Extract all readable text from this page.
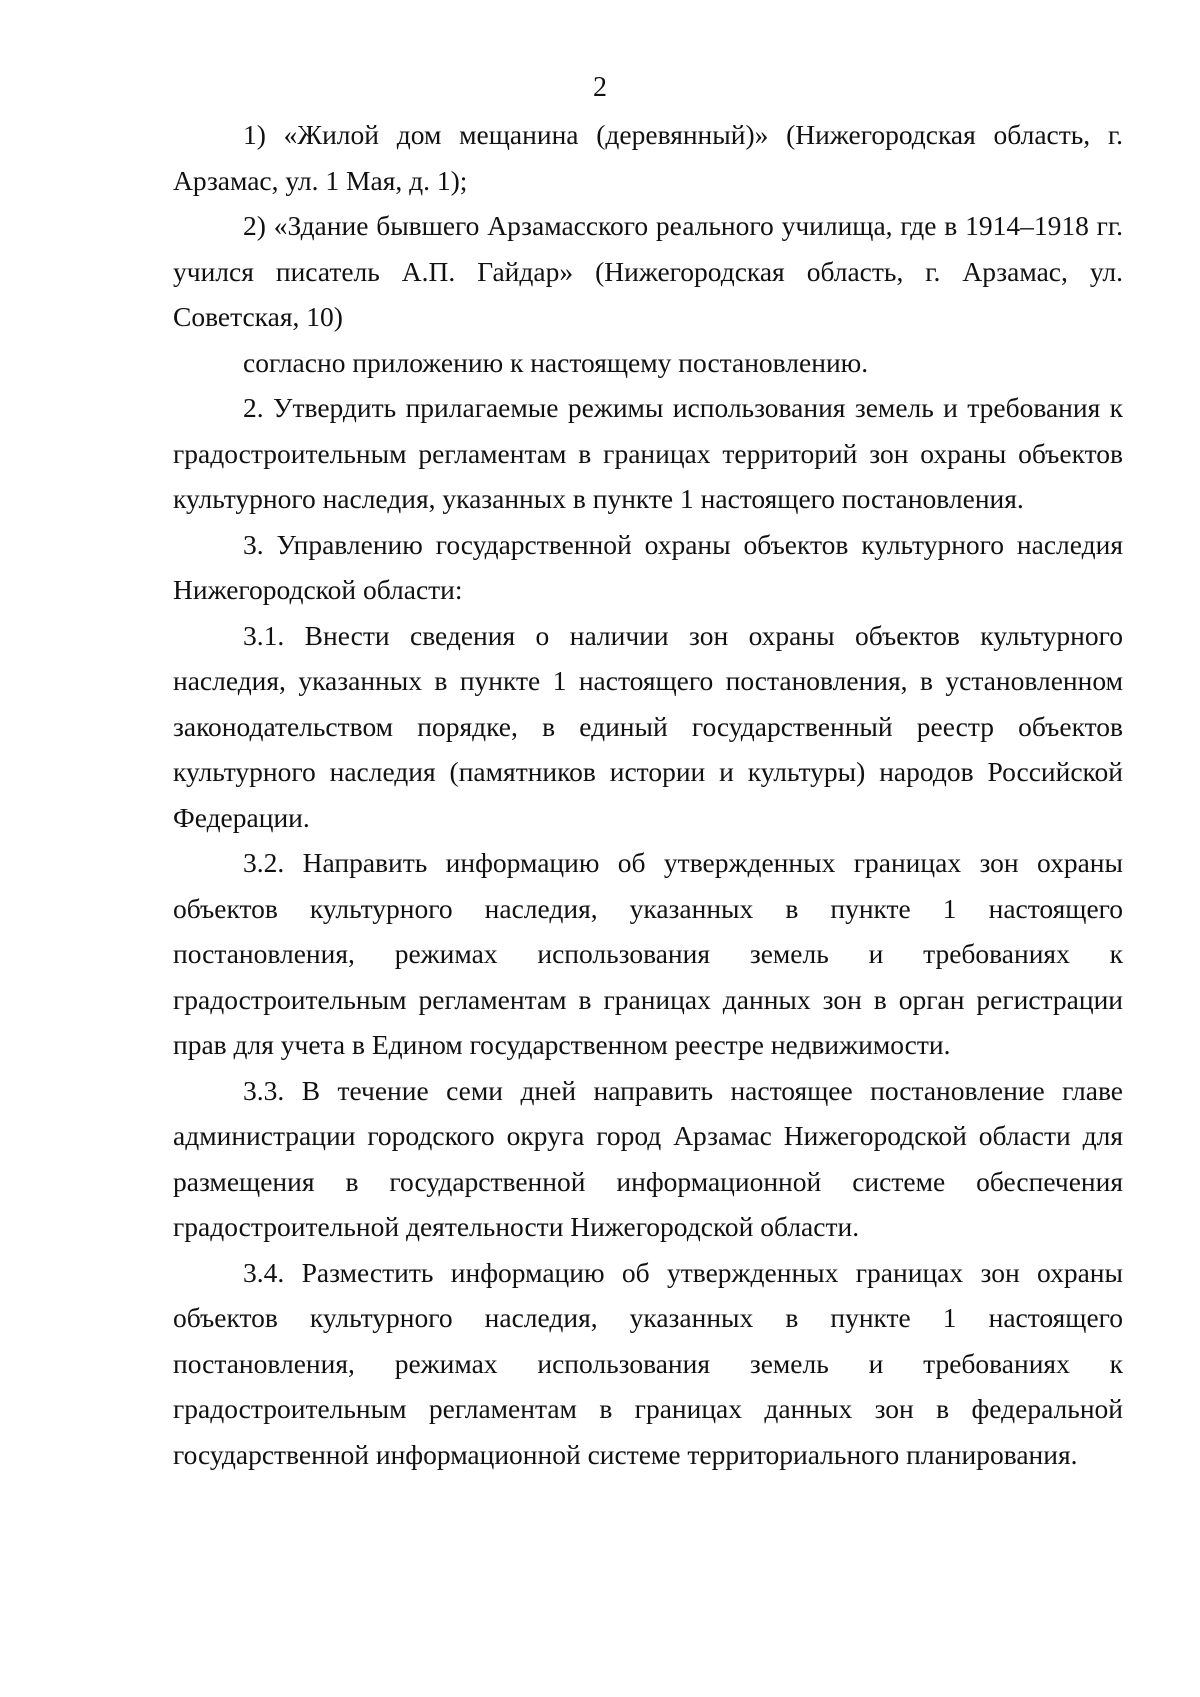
2

1) «Жилой дом мещанина (деревянный)» (Нижегородская область, г. Арзамас, ул. 1 Мая, д. 1);

2) «Здание бывшего Арзамасского реального училища, где в 1914–1918 гг. учился писатель А.П. Гайдар» (Нижегородская область, г. Арзамас, ул. Советская, 10)

согласно приложению к настоящему постановлению.

2. Утвердить прилагаемые режимы использования земель и требования к градостроительным регламентам в границах территорий зон охраны объектов культурного наследия, указанных в пункте 1 настоящего постановления.

3. Управлению государственной охраны объектов культурного наследия Нижегородской области:

3.1. Внести сведения о наличии зон охраны объектов культурного наследия, указанных в пункте 1 настоящего постановления, в установленном законодательством порядке, в единый государственный реестр объектов культурного наследия (памятников истории и культуры) народов Российской Федерации.

3.2. Направить информацию об утвержденных границах зон охраны объектов культурного наследия, указанных в пункте 1 настоящего постановления, режимах использования земель и требованиях к градостроительным регламентам в границах данных зон в орган регистрации прав для учета в Едином государственном реестре недвижимости.

3.3. В течение семи дней направить настоящее постановление главе администрации городского округа город Арзамас Нижегородской области для размещения в государственной информационной системе обеспечения градостроительной деятельности Нижегородской области.

3.4. Разместить информацию об утвержденных границах зон охраны объектов культурного наследия, указанных в пункте 1 настоящего постановления, режимах использования земель и требованиях к градостроительным регламентам в границах данных зон в федеральной государственной информационной системе территориального планирования.
